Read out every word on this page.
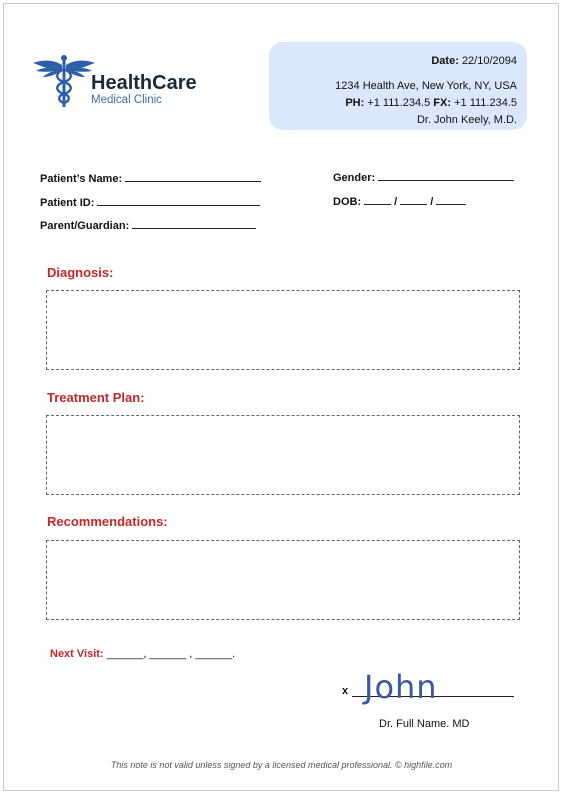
HealthCare
Medical Clinic
Date: 22/10/2094
1234 Health Ave, New York, NY, USA
PH: +1 111.234.5 FX: +1 111.234.5
Dr. John Keely, M.D.
Patient’s Name:
Patient ID:
Parent/Guardian:
Gender:
DOB:	/	/
Diagnosis:
Treatment Plan:
Recommendations:
Next Visit: ______, ______ , ______.
x John
Dr. Full Name. MD
This note is not valid unless signed by a licensed medical professional. © highfile.com
